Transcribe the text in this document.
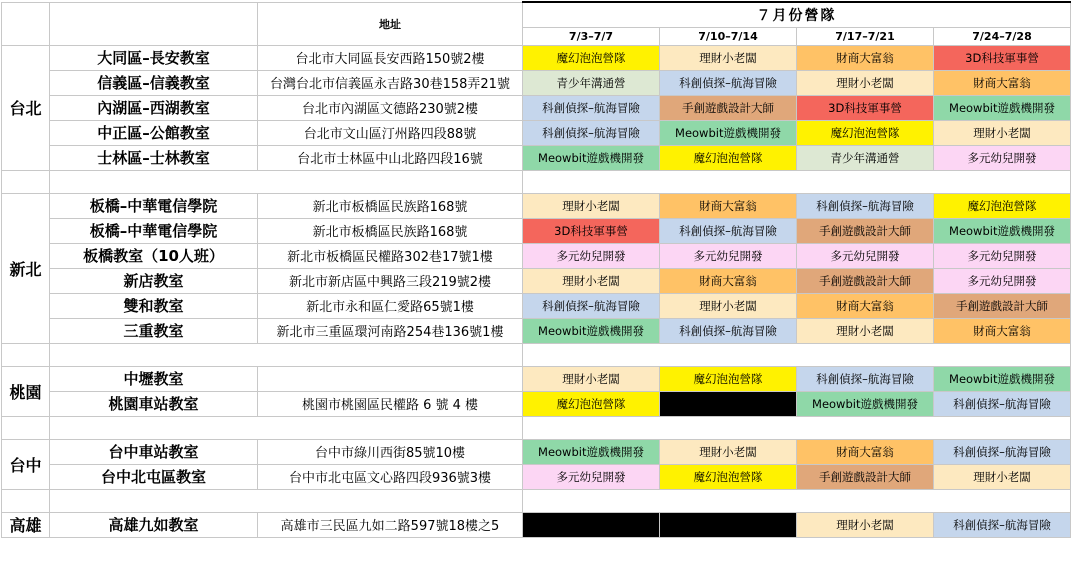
		地址	７月份營隊			
			7/3–7/7	7/10–7/14	7/17–7/21	7/24–7/28
台北	大同區–長安教室	台北市大同區長安西路150號2樓	魔幻泡泡營隊	理財小老闆	財商大富翁	3D科技軍事營
	信義區–信義教室	台灣台北市信義區永吉路30巷158弄21號	青少年溝通營	科創偵探–航海冒險	理財小老闆	財商大富翁
	內湖區–西湖教室	台北市內湖區文德路230號2樓	科創偵探–航海冒險	手創遊戲設計大師	3D科技軍事營	Meowbit遊戲機開發
	中正區–公館教室	台北市文山區汀州路四段88號	科創偵探–航海冒險	Meowbit遊戲機開發	魔幻泡泡營隊	理財小老闆
	士林區–士林教室	台北市士林區中山北路四段16號	Meowbit遊戲機開發	魔幻泡泡營隊	青少年溝通營	多元幼兒開發

新北	板橋–中華電信學院	新北市板橋區民族路168號	理財小老闆	財商大富翁	科創偵探–航海冒險	魔幻泡泡營隊
	板橋–中華電信學院	新北市板橋區民族路168號	3D科技軍事營	科創偵探–航海冒險	手創遊戲設計大師	Meowbit遊戲機開發
	板橋教室（10人班）	新北市板橋區民權路302巷17號1樓	多元幼兒開發	多元幼兒開發	多元幼兒開發	多元幼兒開發
	新店教室	新北市新店區中興路三段219號2樓	理財小老闆	財商大富翁	手創遊戲設計大師	多元幼兒開發
	雙和教室	新北市永和區仁愛路65號1樓	科創偵探–航海冒險	理財小老闆	財商大富翁	手創遊戲設計大師
	三重教室	新北市三重區環河南路254巷136號1樓	Meowbit遊戲機開發	科創偵探–航海冒險	理財小老闆	財商大富翁

桃園	中壢教室		理財小老闆	魔幻泡泡營隊	科創偵探–航海冒險	Meowbit遊戲機開發
	桃園車站教室	桃園市桃園區民權路 6 號 4 樓	魔幻泡泡營隊		Meowbit遊戲機開發	科創偵探–航海冒險

台中	台中車站教室	台中市綠川西街85號10樓	Meowbit遊戲機開發	理財小老闆	財商大富翁	科創偵探–航海冒險
	台中北屯區教室	台中市北屯區文心路四段936號3樓	多元幼兒開發	魔幻泡泡營隊	手創遊戲設計大師	理財小老闆

高雄	高雄九如教室	高雄市三民區九如二路597號18樓之5			理財小老闆	科創偵探–航海冒險
